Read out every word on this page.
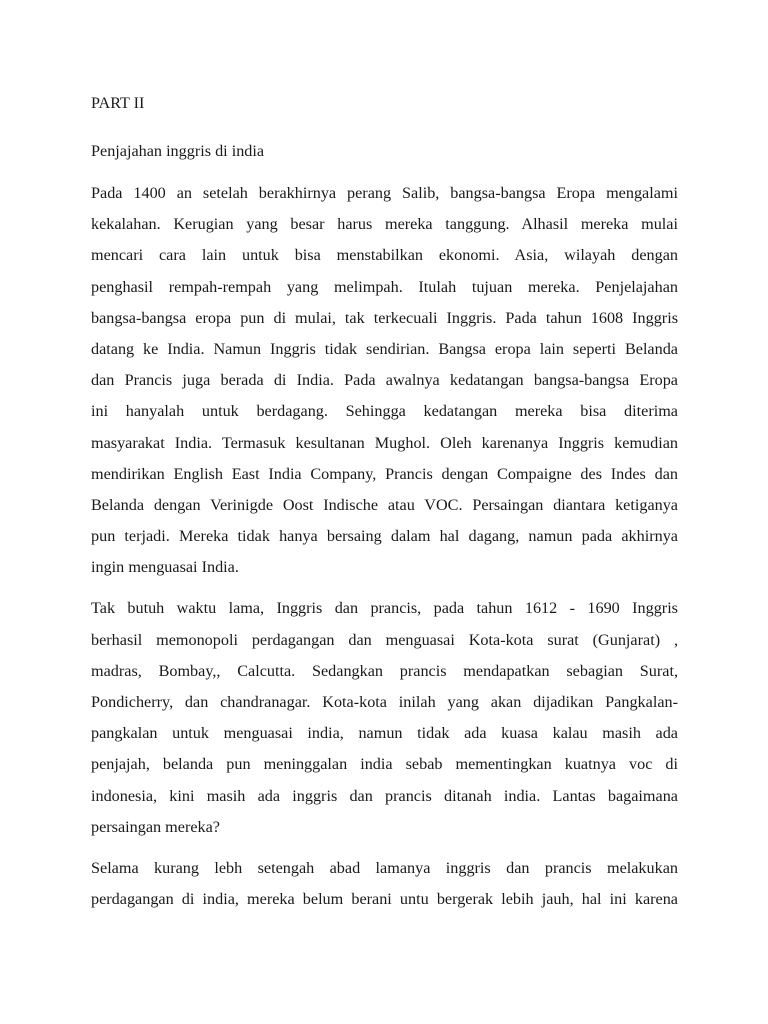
PART II
Penjajahan inggris di india
Pada 1400 an setelah berakhirnya perang Salib, bangsa-bangsa Eropa mengalami
kekalahan. Kerugian yang besar harus mereka tanggung. Alhasil mereka mulai
mencari cara lain untuk bisa menstabilkan ekonomi. Asia, wilayah dengan
penghasil rempah-rempah yang melimpah. Itulah tujuan mereka. Penjelajahan
bangsa-bangsa eropa pun di mulai, tak terkecuali Inggris. Pada tahun 1608 Inggris
datang ke India. Namun Inggris tidak sendirian. Bangsa eropa lain seperti Belanda
dan Prancis juga berada di India. Pada awalnya kedatangan bangsa-bangsa Eropa
ini hanyalah untuk berdagang. Sehingga kedatangan mereka bisa diterima
masyarakat India. Termasuk kesultanan Mughol. Oleh karenanya Inggris kemudian
mendirikan English East India Company, Prancis dengan Compaigne des Indes dan
Belanda dengan Verinigde Oost Indische atau VOC. Persaingan diantara ketiganya
pun terjadi. Mereka tidak hanya bersaing dalam hal dagang, namun pada akhirnya
ingin menguasai India.
Tak butuh waktu lama, Inggris dan prancis, pada tahun 1612 - 1690 Inggris
berhasil memonopoli perdagangan dan menguasai Kota-kota surat (Gunjarat) ,
madras, Bombay,, Calcutta. Sedangkan prancis mendapatkan sebagian Surat,
Pondicherry, dan chandranagar. Kota-kota inilah yang akan dijadikan Pangkalan-
pangkalan untuk menguasai india, namun tidak ada kuasa kalau masih ada
penjajah, belanda pun meninggalan india sebab mementingkan kuatnya voc di
indonesia, kini masih ada inggris dan prancis ditanah india. Lantas bagaimana
persaingan mereka?
Selama kurang lebh setengah abad lamanya inggris dan prancis melakukan
perdagangan di india, mereka belum berani untu bergerak lebih jauh, hal ini karena
